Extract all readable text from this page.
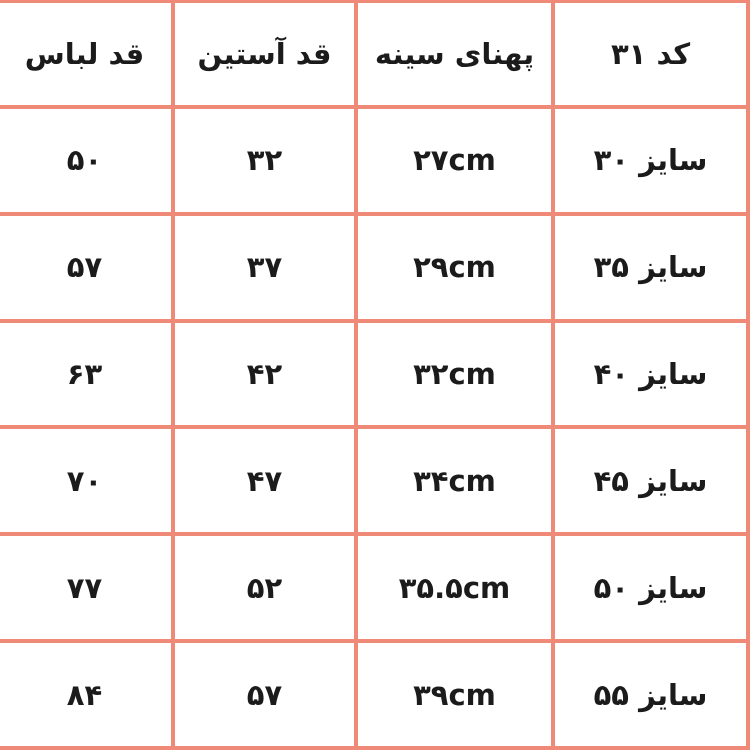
کد ۳۱	پهنای سینه	قد آستین	قد لباس
سایز ۳۰	۲۷cm	۳۲	۵۰
سایز ۳۵	۲۹cm	۳۷	۵۷
سایز ۴۰	۳۲cm	۴۲	۶۳
سایز ۴۵	۳۴cm	۴۷	۷۰
سایز ۵۰	۳۵.۵cm	۵۲	۷۷
سایز ۵۵	۳۹cm	۵۷	۸۴
